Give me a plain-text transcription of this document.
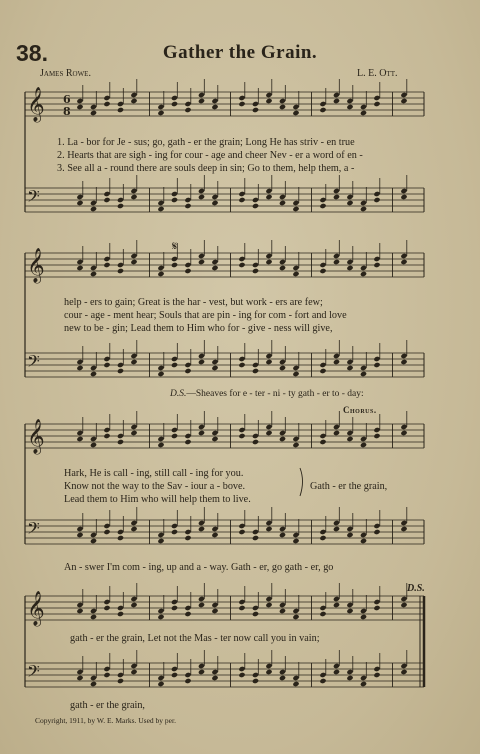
38.	Gather the Grain.
James Rowe.	L. E. Ott.
𝄞
𝄢
𝄞
𝄢
𝄞
𝄢
𝄞
𝄢
6
8
𝄋
1. La - bor for Je - sus; go, gath - er the grain; Long He has striv - en true
2. Hearts that are sigh - ing for cour - age and cheer Nev - er a word of en -
3. See all a - round there are souls deep in sin; Go to them, help them, a -
help - ers to gain; Great is the har - vest, but work - ers are few;
cour - age - ment hear; Souls that are pin - ing for com - fort and love
new to be - gin; Lead them to Him who for - give - ness will give,
D.S.—Sheaves for e - ter - ni - ty gath - er to - day:
Chorus.
Hark, He is call - ing, still call - ing for you.
Know not the way to the Sav - iour a - bove.
Lead them to Him who will help them to live.
Gath - er the grain,
An - swer I'm com - ing, up and a - way. Gath - er, go gath - er, go
D.S.
gath - er the grain, Let not the Mas - ter now call you in vain;
gath - er the grain,
Copyright, 1911, by W. E. Marks. Used by per.
